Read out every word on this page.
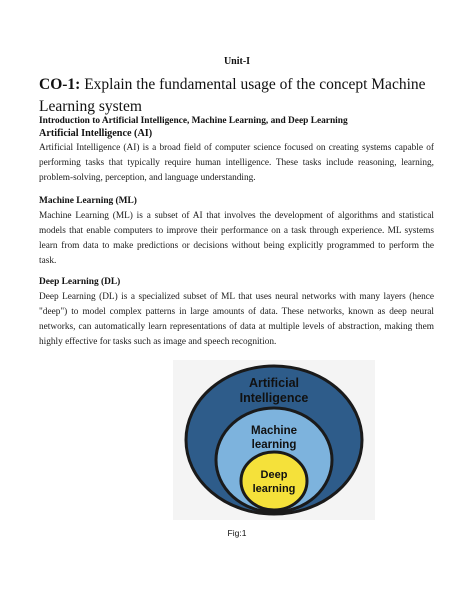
Unit-I
CO-1: Explain the fundamental usage of the concept Machine Learning system
Introduction to Artificial Intelligence, Machine Learning, and Deep Learning
Artificial Intelligence (AI)
Artificial Intelligence (AI) is a broad field of computer science focused on creating systems capable of performing tasks that typically require human intelligence. These tasks include reasoning, learning, problem-solving, perception, and language understanding.
Machine Learning (ML)
Machine Learning (ML) is a subset of AI that involves the development of algorithms and statistical models that enable computers to improve their performance on a task through experience. ML systems learn from data to make predictions or decisions without being explicitly programmed to perform the task.
Deep Learning (DL)
Deep Learning (DL) is a specialized subset of ML that uses neural networks with many layers (hence "deep") to model complex patterns in large amounts of data. These networks, known as deep neural networks, can automatically learn representations of data at multiple levels of abstraction, making them highly effective for tasks such as image and speech recognition.
Artificial
Intelligence
Machine
learning
Deep
learning
Fig:1
